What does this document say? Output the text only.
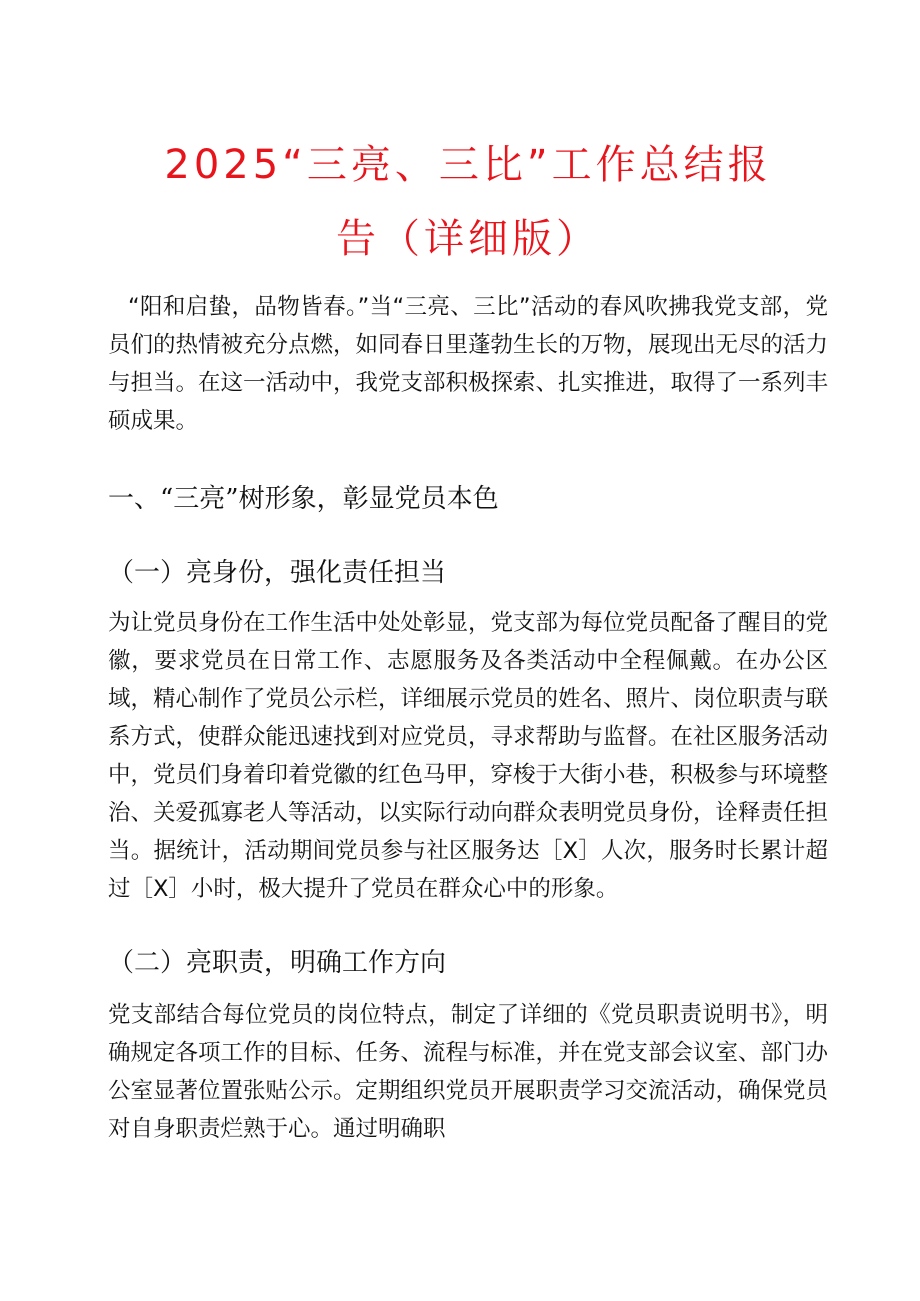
2025“三亮、三比”工作总结报
告（详细版）

“阳和启蛰，品物皆春。”当“三亮、三比”活动的春风吹拂我党支部，党员们的热情被充分点燃，如同春日里蓬勃生长的万物，展现出无尽的活力与担当。在这一活动中，我党支部积极探索、扎实推进，取得了一系列丰硕成果。

一、“三亮”树形象，彰显党员本色
（一）亮身份，强化责任担当

为让党员身份在工作生活中处处彰显，党支部为每位党员配备了醒目的党徽，要求党员在日常工作、志愿服务及各类活动中全程佩戴。在办公区域，精心制作了党员公示栏，详细展示党员的姓名、照片、岗位职责与联系方式，使群众能迅速找到对应党员，寻求帮助与监督。在社区服务活动中，党员们身着印着党徽的红色马甲，穿梭于大街小巷，积极参与环境整治、关爱孤寡老人等活动，以实际行动向群众表明党员身份，诠释责任担当。据统计，活动期间党员参与社区服务达［X］人次，服务时长累计超过［X］小时，极大提升了党员在群众心中的形象。

（二）亮职责，明确工作方向

党支部结合每位党员的岗位特点，制定了详细的《党员职责说明书》，明确规定各项工作的目标、任务、流程与标准，并在党支部会议室、部门办公室显著位置张贴公示。定期组织党员开展职责学习交流活动，确保党员对自身职责烂熟于心。通过明确职
